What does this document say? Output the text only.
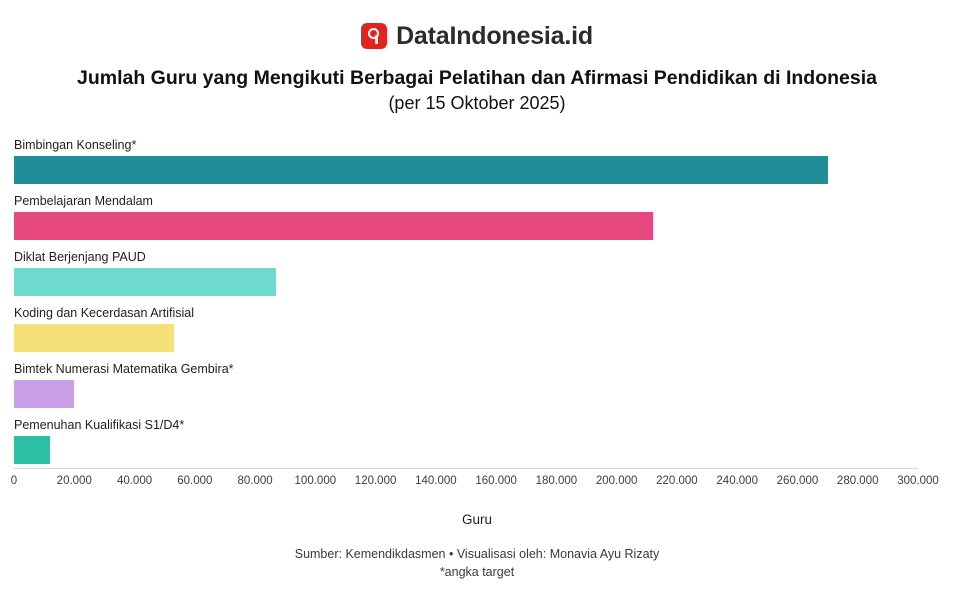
DataIndonesia.id
Jumlah Guru yang Mengikuti Berbagai Pelatihan dan Afirmasi Pendidikan di Indonesia
(per 15 Oktober 2025)
Bimbingan Konseling*
Pembelajaran Mendalam
Diklat Berjenjang PAUD
Koding dan Kecerdasan Artifisial
Bimtek Numerasi Matematika Gembira*
Pemenuhan Kualifikasi S1/D4*
0	20.000 40.000 60.000 80.000 100.000 120.000 140.000 160.000 180.000 200.000 220.000 240.000 260.000 280.000 300.000
Guru
Sumber: Kemendikdasmen • Visualisasi oleh: Monavia Ayu Rizaty
*angka target
